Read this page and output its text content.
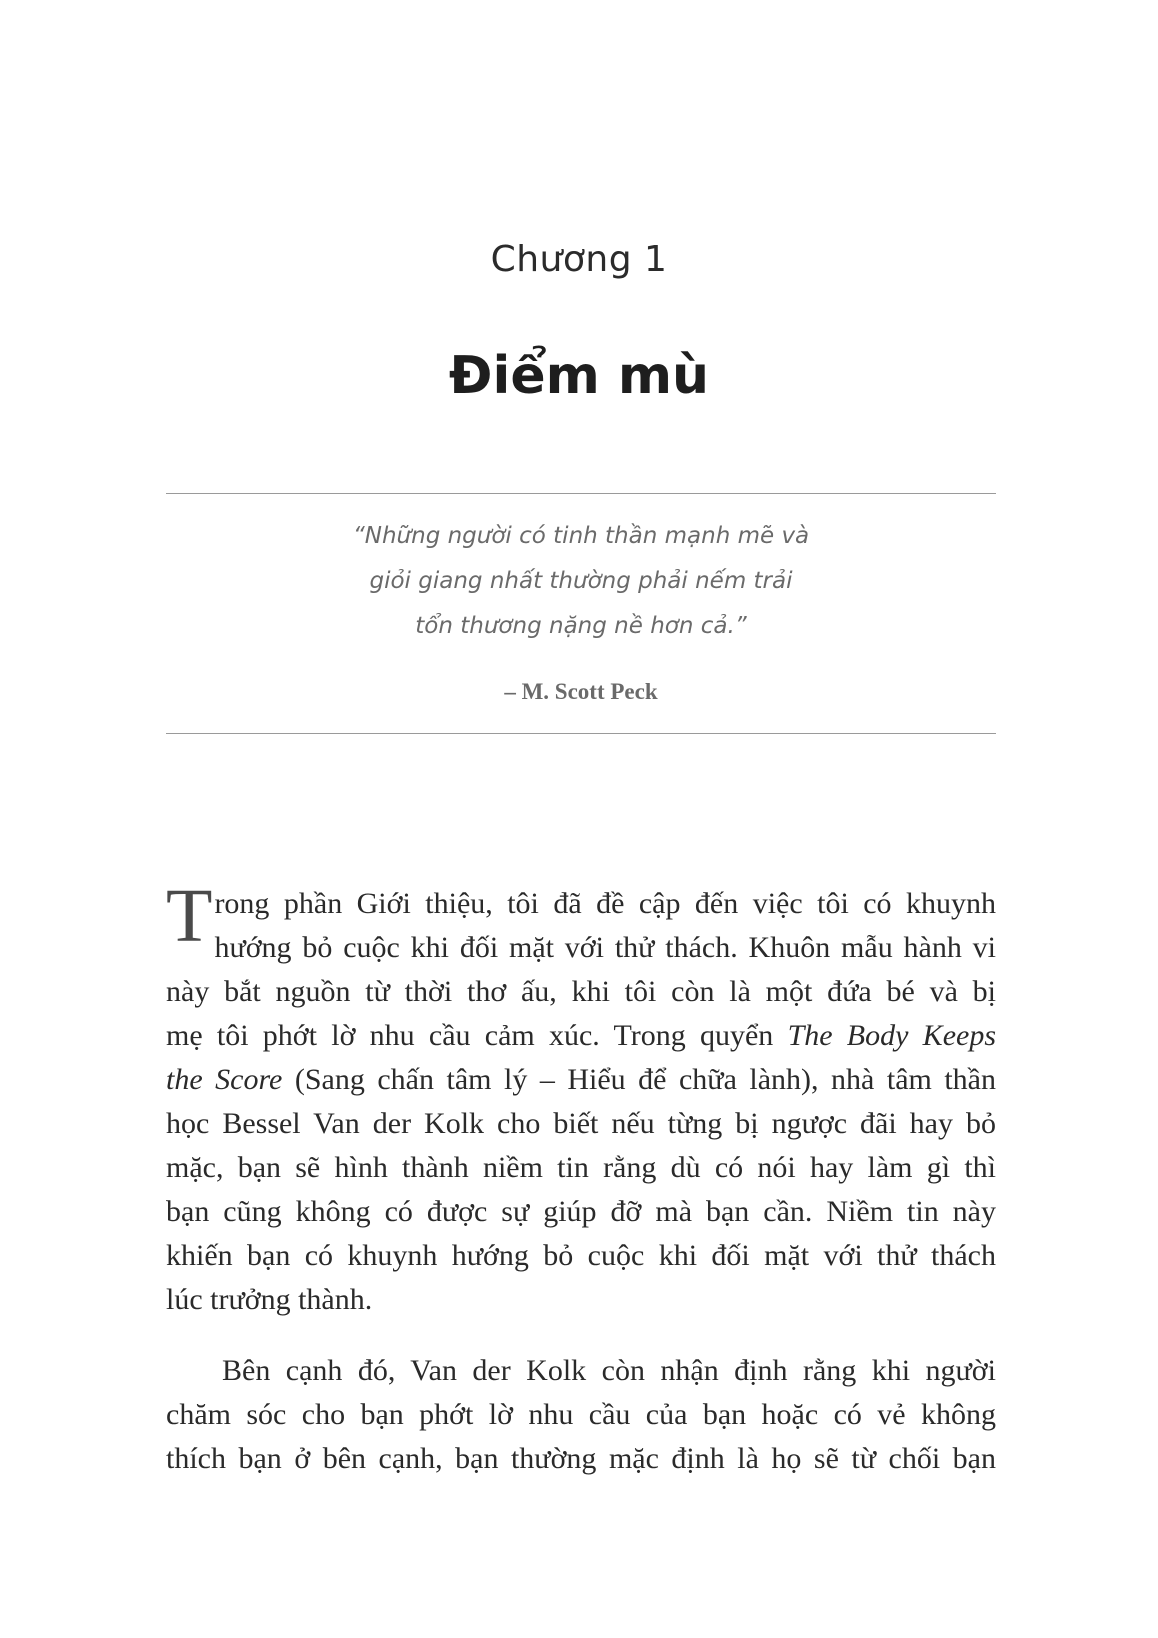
Chương 1
Điểm mù
“Những người có tinh thần mạnh mẽ và
giỏi giang nhất thường phải nếm trải
tổn thương nặng nề hơn cả.”
– M. Scott Peck
T rong phần Giới thiệu, tôi đã đề cập đến việc tôi có khuynh
hướng bỏ cuộc khi đối mặt với thử thách. Khuôn mẫu hành vi
này bắt nguồn từ thời thơ ấu, khi tôi còn là một đứa bé và bị
mẹ tôi phớt lờ nhu cầu cảm xúc. Trong quyển The Body Keeps
the Score (Sang chấn tâm lý – Hiểu để chữa lành), nhà tâm thần
học Bessel Van der Kolk cho biết nếu từng bị ngược đãi hay bỏ
mặc, bạn sẽ hình thành niềm tin rằng dù có nói hay làm gì thì
bạn cũng không có được sự giúp đỡ mà bạn cần. Niềm tin này
khiến bạn có khuynh hướng bỏ cuộc khi đối mặt với thử thách
lúc trưởng thành.
Bên cạnh đó, Van der Kolk còn nhận định rằng khi người
chăm sóc cho bạn phớt lờ nhu cầu của bạn hoặc có vẻ không
thích bạn ở bên cạnh, bạn thường mặc định là họ sẽ từ chối bạn
